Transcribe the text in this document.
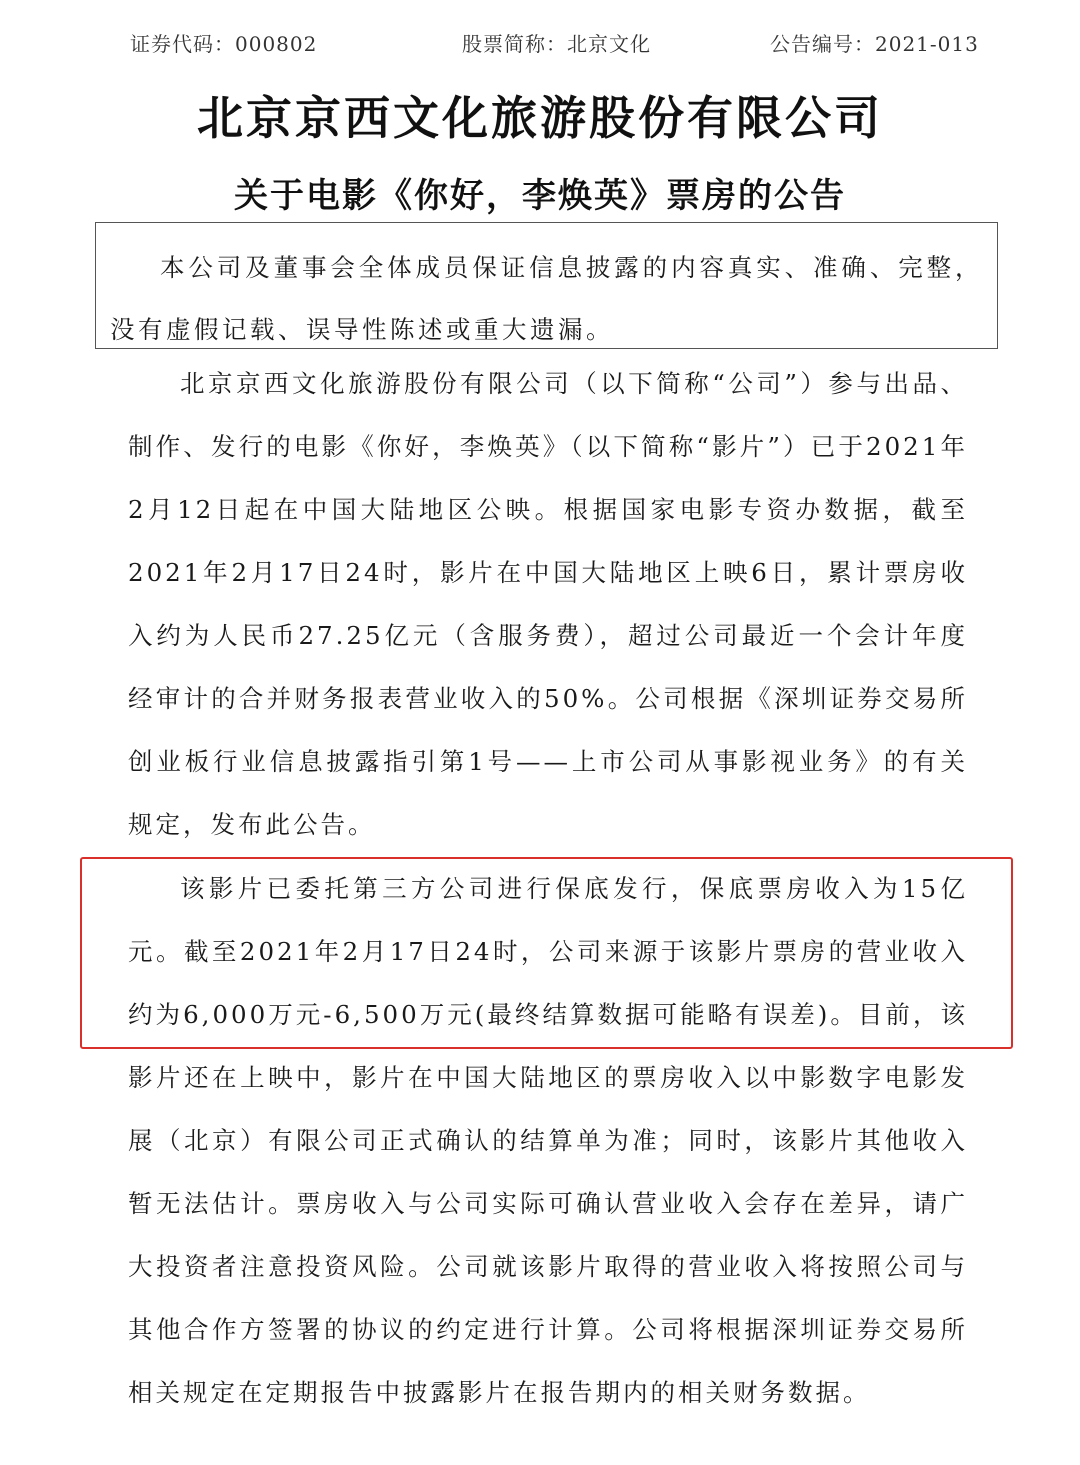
证券代码：000802	股票简称：北京文化	公告编号：2021-013
北京京西文化旅游股份有限公司
关于电影《你好，李焕英》票房的公告
本公司及董事会全体成员保证信息披露的内容真实、准确、完整，没有虚假记载、误导性陈述或重大遗漏。

北京京西文化旅游股份有限公司（以下简称“公司”）参与出品、制作、发行的电影《你好，李焕英》（以下简称“影片”）已于2021年2月12日起在中国大陆地区公映。根据国家电影专资办数据，截至2021年2月17日24时，影片在中国大陆地区上映6日，累计票房收入约为人民币27.25亿元（含服务费），超过公司最近一个会计年度经审计的合并财务报表营业收入的50%。公司根据《深圳证券交易所创业板行业信息披露指引第1号——上市公司从事影视业务》的有关规定，发布此公告。

该影片已委托第三方公司进行保底发行，保底票房收入为15亿元。截至2021年2月17日24时，公司来源于该影片票房的营业收入约为6,000万元-6,500万元(最终结算数据可能略有误差)。目前，该影片还在上映中，影片在中国大陆地区的票房收入以中影数字电影发展（北京）有限公司正式确认的结算单为准；同时，该影片其他收入暂无法估计。票房收入与公司实际可确认营业收入会存在差异，请广大投资者注意投资风险。公司就该影片取得的营业收入将按照公司与其他合作方签署的协议的约定进行计算。公司将根据深圳证券交易所相关规定在定期报告中披露影片在报告期内的相关财务数据。
